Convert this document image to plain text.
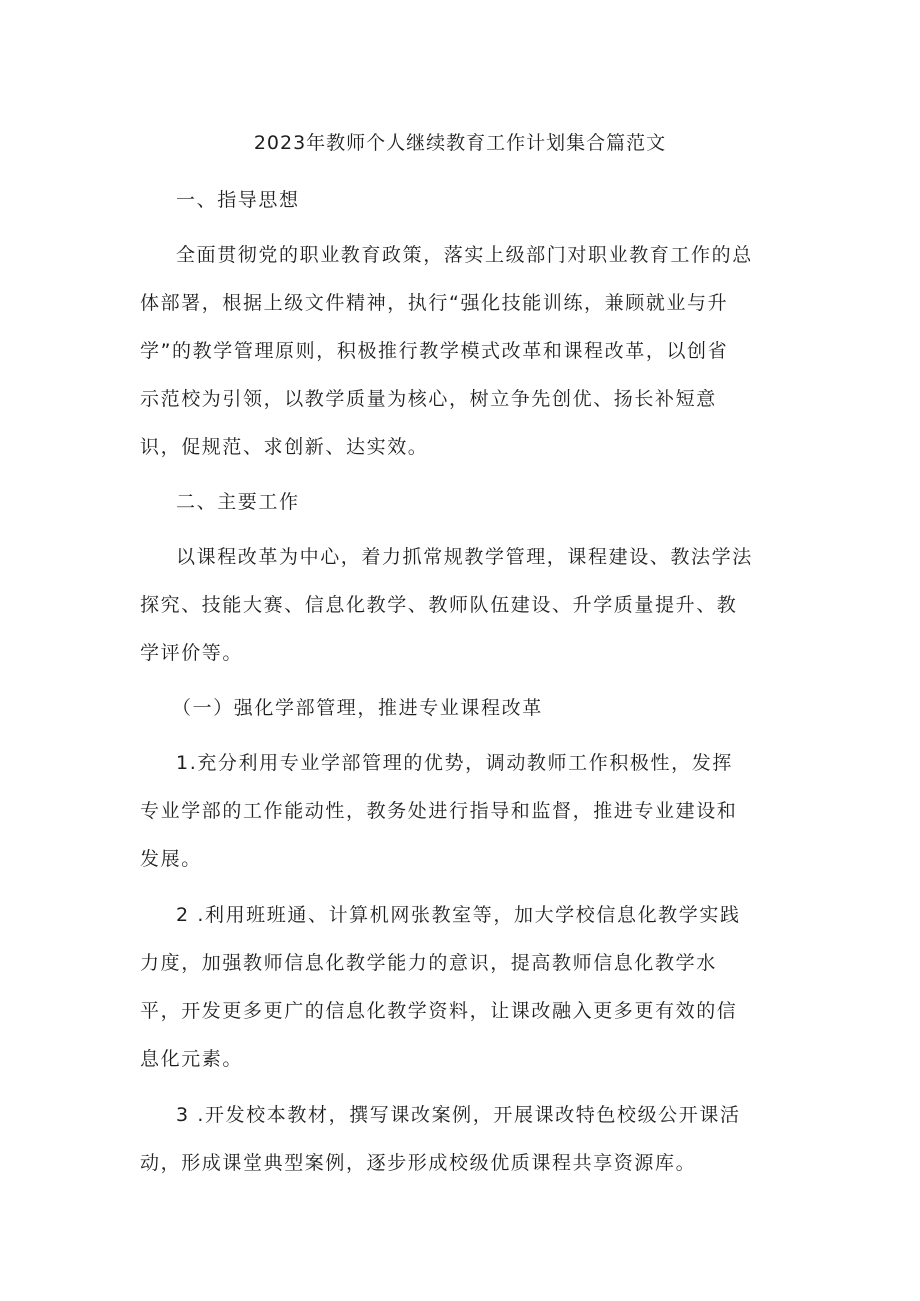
2023年教师个人继续教育工作计划集合篇范文
一、指导思想
全面贯彻党的职业教育政策，落实上级部门对职业教育工作的总
体部署，根据上级文件精神，执行“强化技能训练，兼顾就业与升
学”的教学管理原则，积极推行教学模式改革和课程改革，以创省
示范校为引领，以教学质量为核心，树立争先创优、扬长补短意
识，促规范、求创新、达实效。
二、主要工作
以课程改革为中心，着力抓常规教学管理，课程建设、教法学法
探究、技能大赛、信息化教学、教师队伍建设、升学质量提升、教
学评价等。
（一）强化学部管理，推进专业课程改革
1.充分利用专业学部管理的优势，调动教师工作积极性，发挥
专业学部的工作能动性，教务处进行指导和监督，推进专业建设和
发展。
2 .利用班班通、计算机网张教室等，加大学校信息化教学实践
力度，加强教师信息化教学能力的意识，提高教师信息化教学水
平，开发更多更广的信息化教学资料，让课改融入更多更有效的信
息化元素。
3 .开发校本教材，撰写课改案例，开展课改特色校级公开课活
动，形成课堂典型案例，逐步形成校级优质课程共享资源库。
